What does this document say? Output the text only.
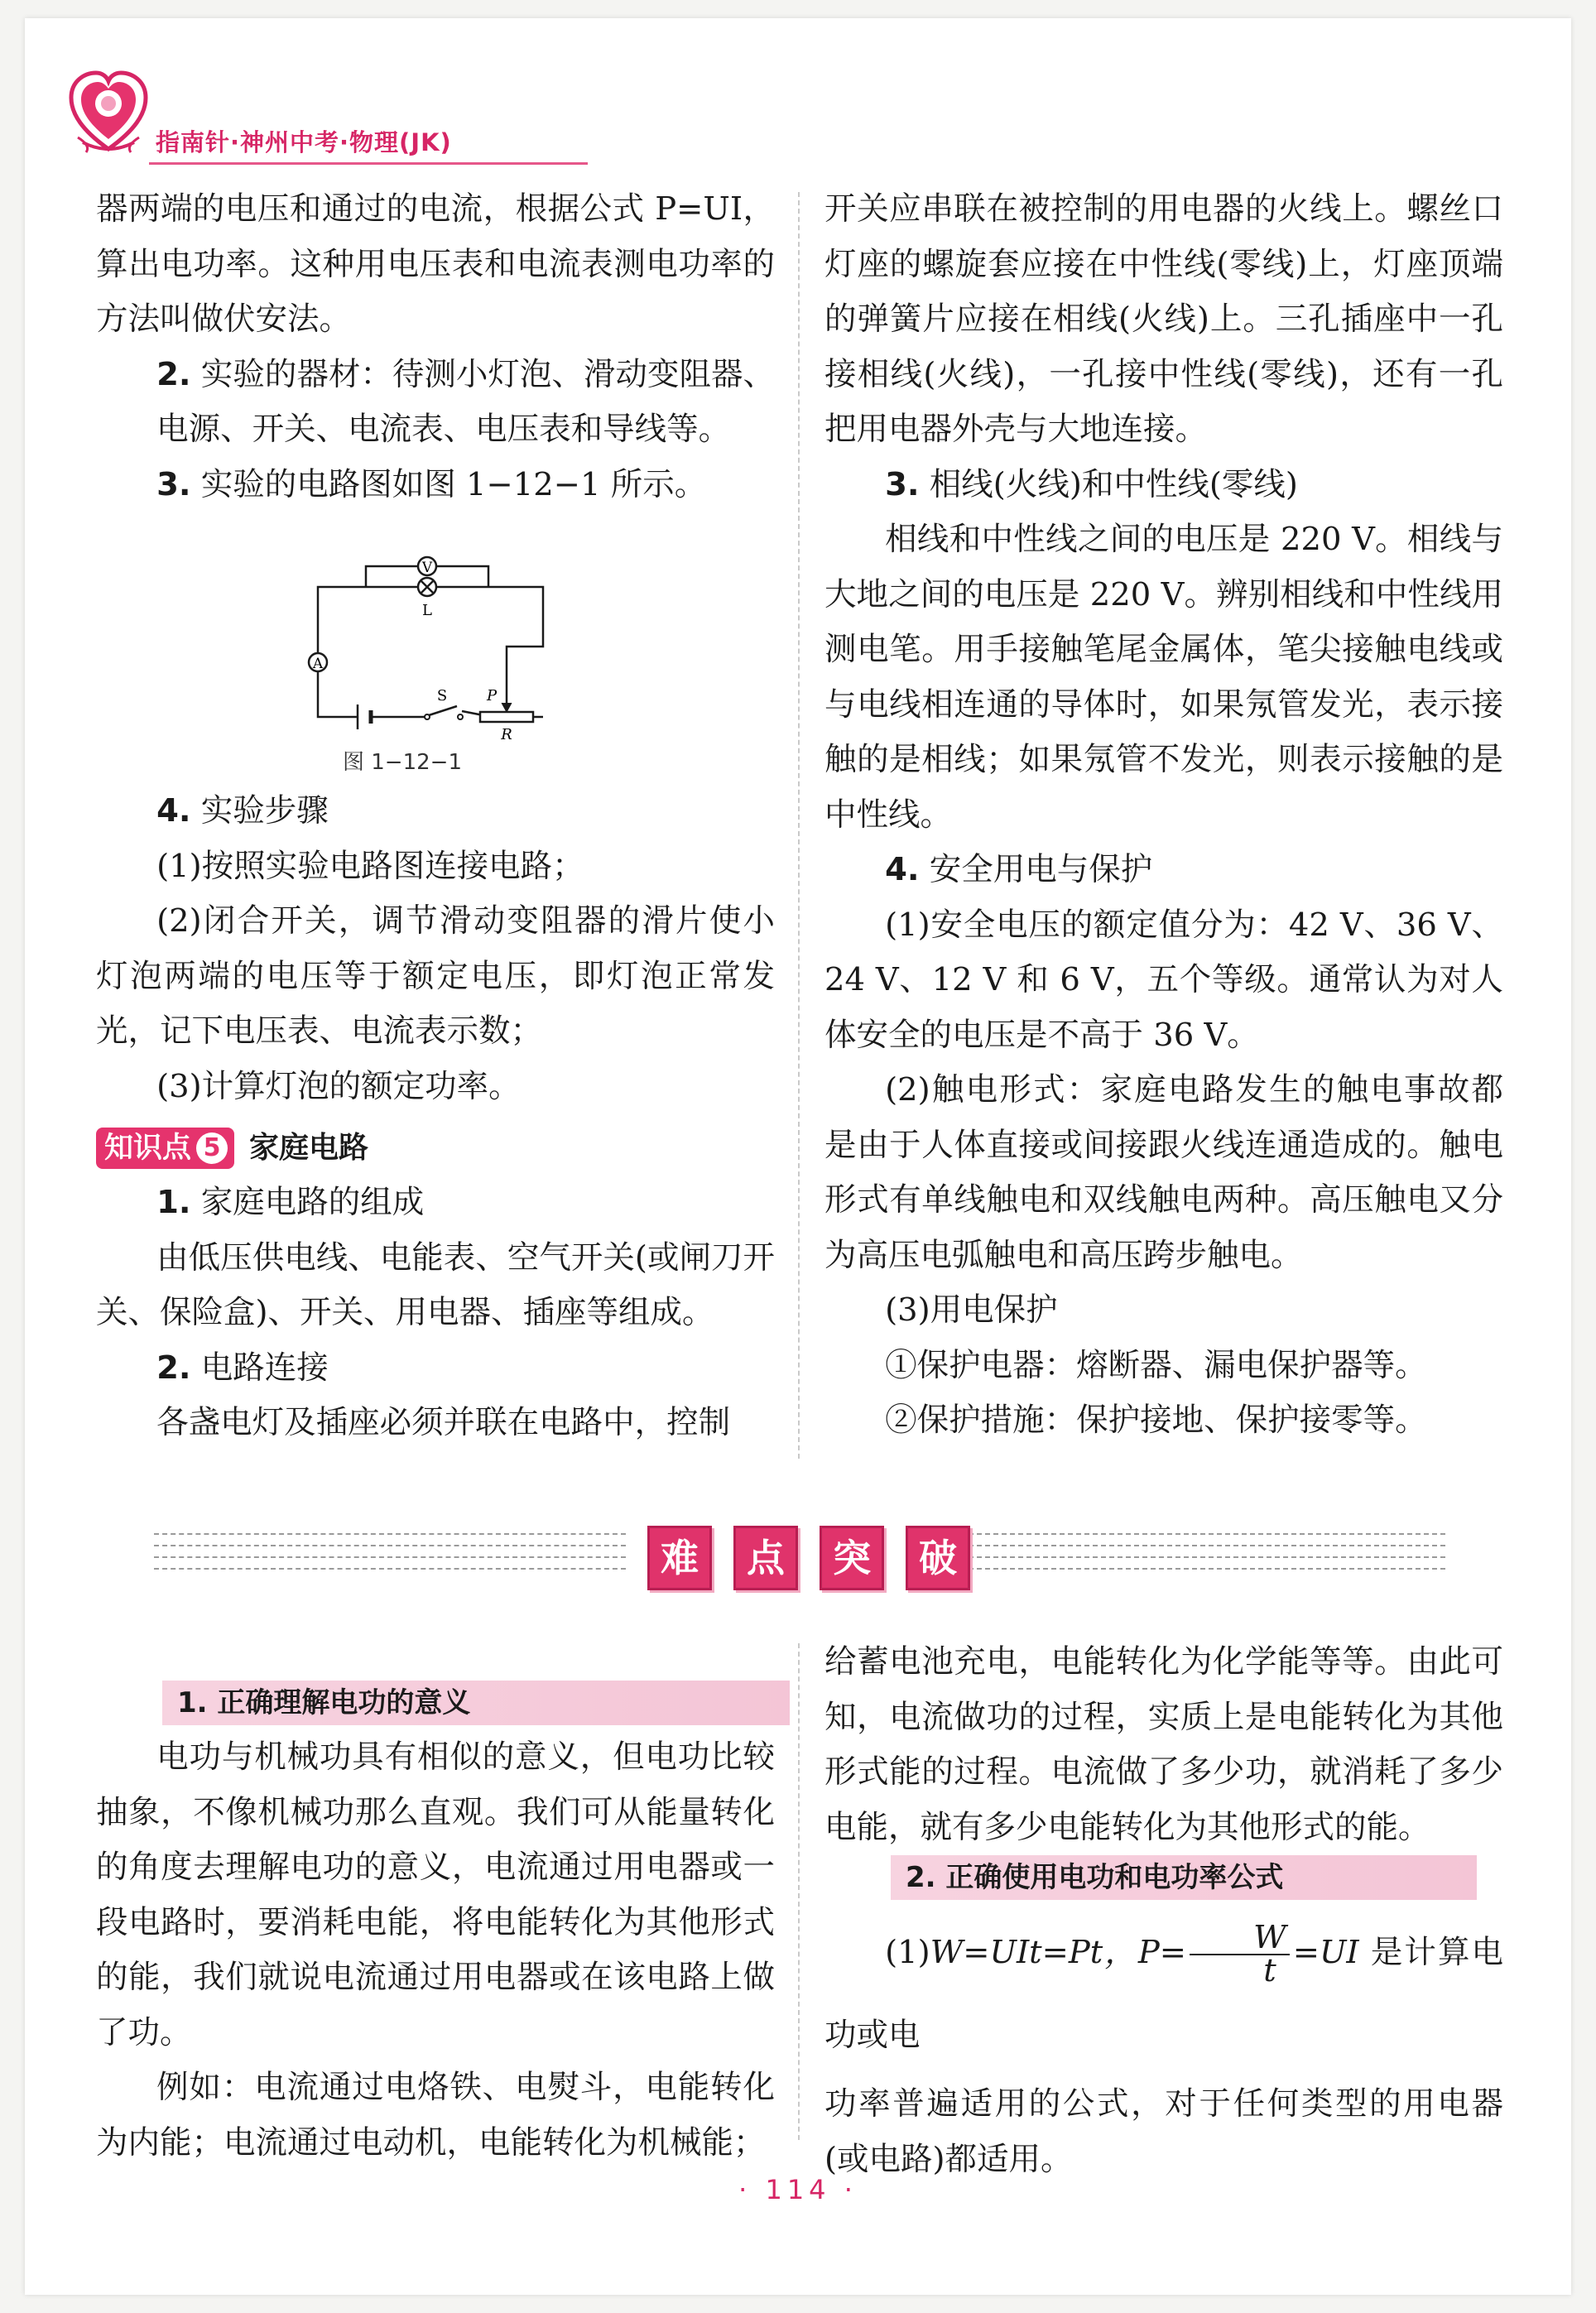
指南针·神州中考·物理(JK)

器两端的电压和通过的电流，根据公式 P=UI，算出电功率。这种用电压表和电流表测电功率的方法叫做伏安法。

2. 实验的器材：待测小灯泡、滑动变阻器、电源、开关、电流表、电压表和导线等。

3. 实验的电路图如图 1−12−1 所示。

V
L
A
S	P
R
图 1−12−1

4. 实验步骤

(1)按照实验电路图连接电路；

(2)闭合开关，调节滑动变阻器的滑片使小灯泡两端的电压等于额定电压，即灯泡正常发光，记下电压表、电流表示数；

(3)计算灯泡的额定功率。

知识点 5 家庭电路

1. 家庭电路的组成

由低压供电线、电能表、空气开关(或闸刀开关、保险盒)、开关、用电器、插座等组成。

2. 电路连接

各盏电灯及插座必须并联在电路中，控制

开关应串联在被控制的用电器的火线上。螺丝口灯座的螺旋套应接在中性线(零线)上，灯座顶端的弹簧片应接在相线(火线)上。三孔插座中一孔接相线(火线)，一孔接中性线(零线)，还有一孔把用电器外壳与大地连接。

3. 相线(火线)和中性线(零线)

相线和中性线之间的电压是 220 V。相线与大地之间的电压是 220 V。辨别相线和中性线用测电笔。用手接触笔尾金属体，笔尖接触电线或与电线相连通的导体时，如果氖管发光，表示接触的是相线；如果氖管不发光，则表示接触的是中性线。

4. 安全用电与保护

(1)安全电压的额定值分为：42 V、36 V、24 V、12 V 和 6 V，五个等级。通常认为对人体安全的电压是不高于 36 V。

(2)触电形式：家庭电路发生的触电事故都是由于人体直接或间接跟火线连通造成的。触电形式有单线触电和双线触电两种。高压触电又分为高压电弧触电和高压跨步触电。

(3)用电保护

①保护电器：熔断器、漏电保护器等。

②保护措施：保护接地、保护接零等。

难	点	突	破
1. 正确理解电功的意义

电功与机械功具有相似的意义，但电功比较抽象，不像机械功那么直观。我们可从能量转化的角度去理解电功的意义，电流通过用电器或一段电路时，要消耗电能，将电能转化为其他形式的能，我们就说电流通过用电器或在该电路上做了功。

例如：电流通过电烙铁、电熨斗，电能转化为内能；电流通过电动机，电能转化为机械能；

给蓄电池充电，电能转化为化学能等等。由此可知，电流做功的过程，实质上是电能转化为其他形式能的过程。电流做了多少功，就消耗了多少电能，就有多少电能转化为其他形式的能。

2. 正确使用电功和电功率公式

(1)W=UIt=Pt，$P= \frac{W}{t} =UI$ 是计算电功或电

功率普遍适用的公式，对于任何类型的用电器(或电路)都适用。

· 114 ·
